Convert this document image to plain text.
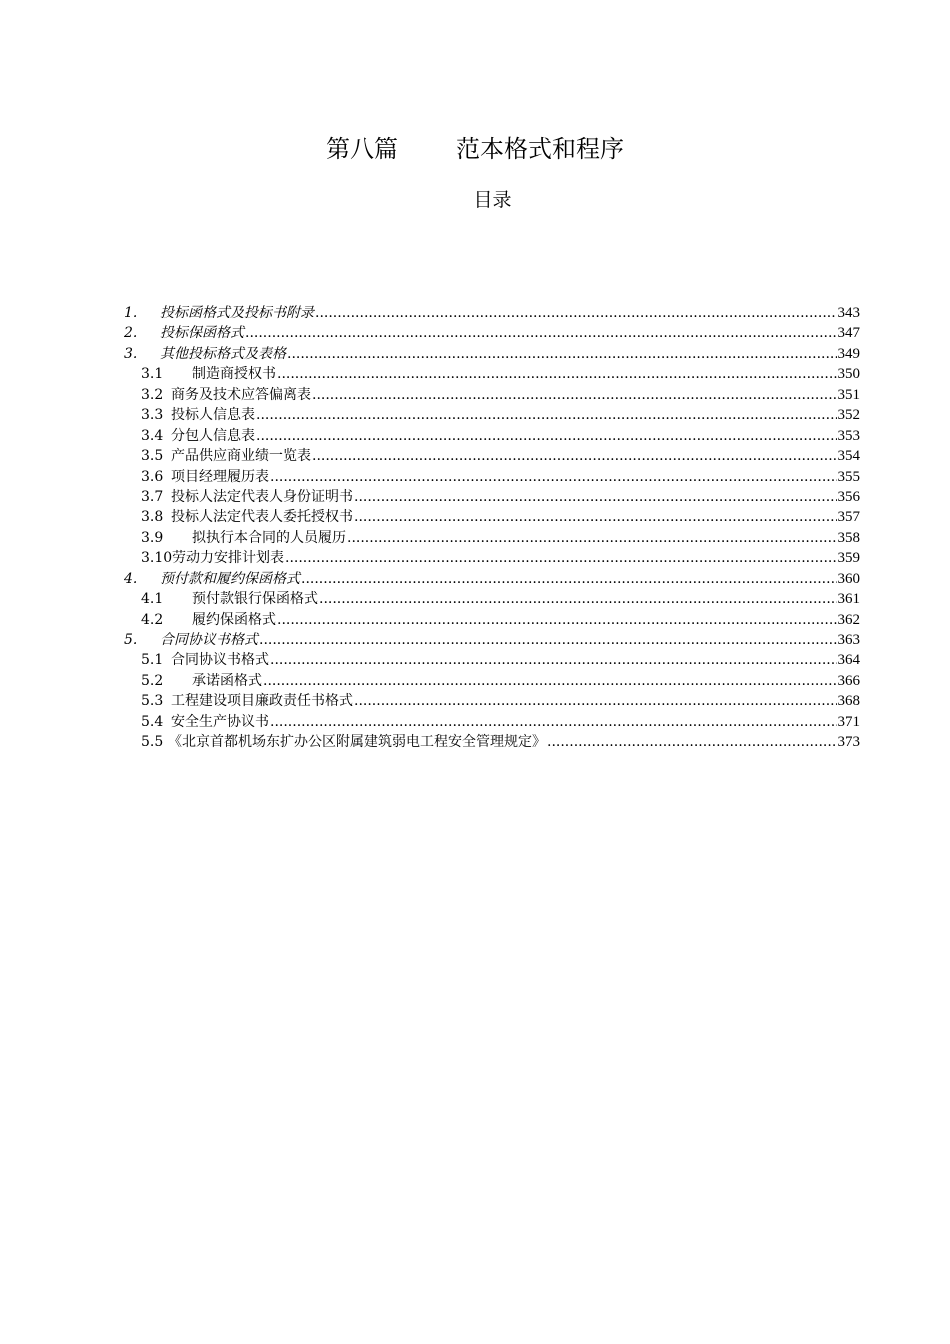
第八篇 范本格式和程序
目录
1.	投标函格式及投标书附录 .....	343
2.	投标保函格式 .....	347
3.	其他投标格式及表格 .....	349
3.1	制造商授权书 .....	350
3.2 商务及技术应答偏离表 .....	351
3.3 投标人信息表 .....	352
3.4 分包人信息表 .....	353
3.5 产品供应商业绩一览表 .....	354
3.6 项目经理履历表 .....	355
3.7 投标人法定代表人身份证明书 .....	356
3.8 投标人法定代表人委托授权书 .....	357
3.9	拟执行本合同的人员履历 .....	358
3.10 劳动力安排计划表 .....	359
4.	预付款和履约保函格式 .....	360
4.1	预付款银行保函格式 .....	361
4.2	履约保函格式 .....	362
5.	合同协议书格式 .....	363
5.1 合同协议书格式 .....	364
5.2	承诺函格式 .....	366
5.3 工程建设项目廉政责任书格式 .....	368
5.4 安全生产协议书 .....	371
5.5 《北京首都机场东扩办公区附属建筑弱电工程安全管理规定》 .....	373
